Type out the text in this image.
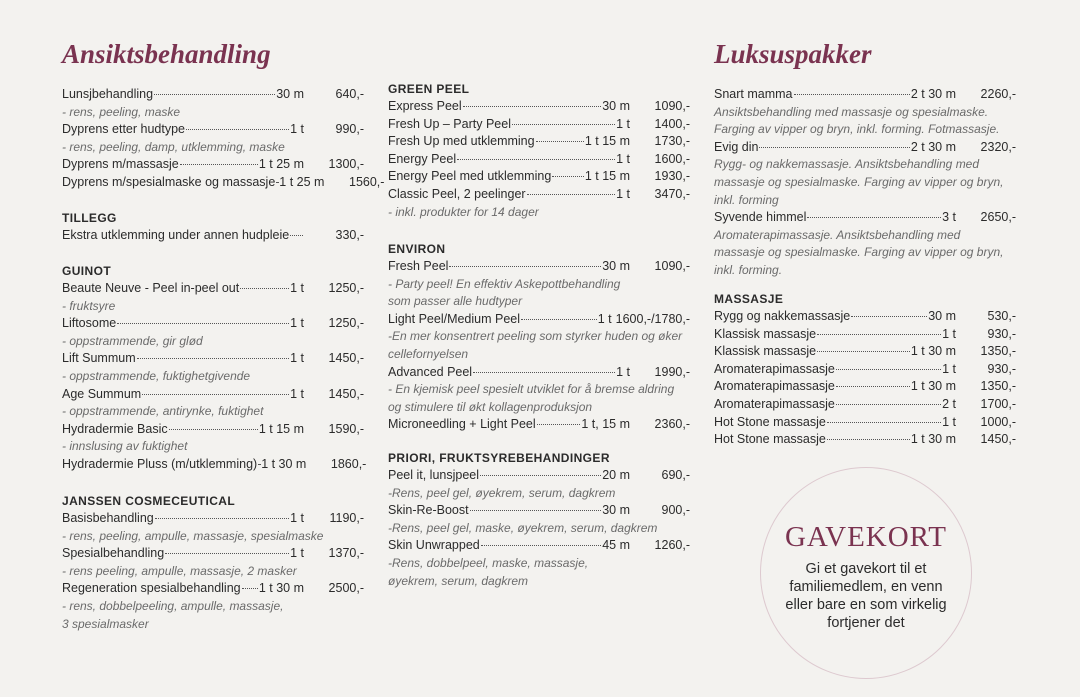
Ansiktsbehandling
Lunsjbehandling	30 m	640,-
- rens, peeling, maske
Dyprens etter hudtype	1 t	990,-
- rens, peeling, damp, utklemming, maske
Dyprens m/massasje	1 t 25 m	1300,-
Dyprens m/spesialmaske og massasje 1 t 25 m	1560,-
TILLEGG
Ekstra utklemming under annen hudpleie	330,-
GUINOT
Beaute Neuve - Peel in-peel out	1 t	1250,-
- fruktsyre
Liftosome	1 t	1250,-
- oppstrammende, gir glød
Lift Summum	1 t	1450,-
- oppstrammende, fuktighetgivende
Age Summum	1 t	1450,-
- oppstrammende, antirynke, fuktighet
Hydradermie Basic	1 t 15 m	1590,-
- innslusing av fuktighet
Hydradermie Pluss (m/utklemming) 1 t 30 m	1860,-
JANSSEN COSMECEUTICAL
Basisbehandling	1 t	1190,-
- rens, peeling, ampulle, massasje, spesialmaske
Spesialbehandling	1 t	1370,-
- rens peeling, ampulle, massasje, 2 masker
Regeneration spesialbehandling 1 t 30 m	2500,-
- rens, dobbelpeeling, ampulle, massasje,
3 spesialmasker
GREEN PEEL
Express Peel	30 m	1090,-
Fresh Up – Party Peel	1 t	1400,-
Fresh Up med utklemming	1 t 15 m	1730,-
Energy Peel	1 t	1600,-
Energy Peel med utklemming	1 t 15 m	1930,-
Classic Peel, 2 peelinger	1 t	3470,-
- inkl. produkter for 14 dager
ENVIRON
Fresh Peel	30 m	1090,-
- Party peel! En effektiv Askepottbehandling
som passer alle hudtyper
Light Peel/Medium Peel	1 t 1600,-/1780,-
-En mer konsentrert peeling som styrker huden og øker
cellefornyelsen
Advanced Peel	1 t	1990,-
- En kjemisk peel spesielt utviklet for å bremse aldring
og stimulere til økt kollagenproduksjon
Microneedling + Light Peel	1 t, 15 m	2360,-
PRIORI, FRUKTSYREBEHANDINGER
Peel it, lunsjpeel	20 m	690,-
-Rens, peel gel, øyekrem, serum, dagkrem
Skin-Re-Boost	30 m	900,-
-Rens, peel gel, maske, øyekrem, serum, dagkrem
Skin Unwrapped	45 m	1260,-
-Rens, dobbelpeel, maske, massasje,
øyekrem, serum, dagkrem
Luksuspakker
Snart mamma	2 t 30 m	2260,-
Ansiktsbehandling med massasje og spesialmaske.
Farging av vipper og bryn, inkl. forming. Fotmassasje.
Evig din	2 t 30 m	2320,-
Rygg- og nakkemassasje. Ansiktsbehandling med
massasje og spesialmaske. Farging av vipper og bryn,
inkl. forming
Syvende himmel	3 t	2650,-
Aromaterapimassasje. Ansiktsbehandling med
massasje og spesialmaske. Farging av vipper og bryn,
inkl. forming.
MASSASJE
Rygg og nakkemassasje	30 m	530,-
Klassisk massasje	1 t	930,-
Klassisk massasje	1 t 30 m	1350,-
Aromaterapimassasje	1 t	930,-
Aromaterapimassasje	1 t 30 m	1350,-
Aromaterapimassasje	2 t	1700,-
Hot Stone massasje	1 t	1000,-
Hot Stone massasje	1 t 30 m	1450,-
GAVEKORT
Gi et gavekort til et familiemedlem, en venn eller bare en som virkelig fortjener det
